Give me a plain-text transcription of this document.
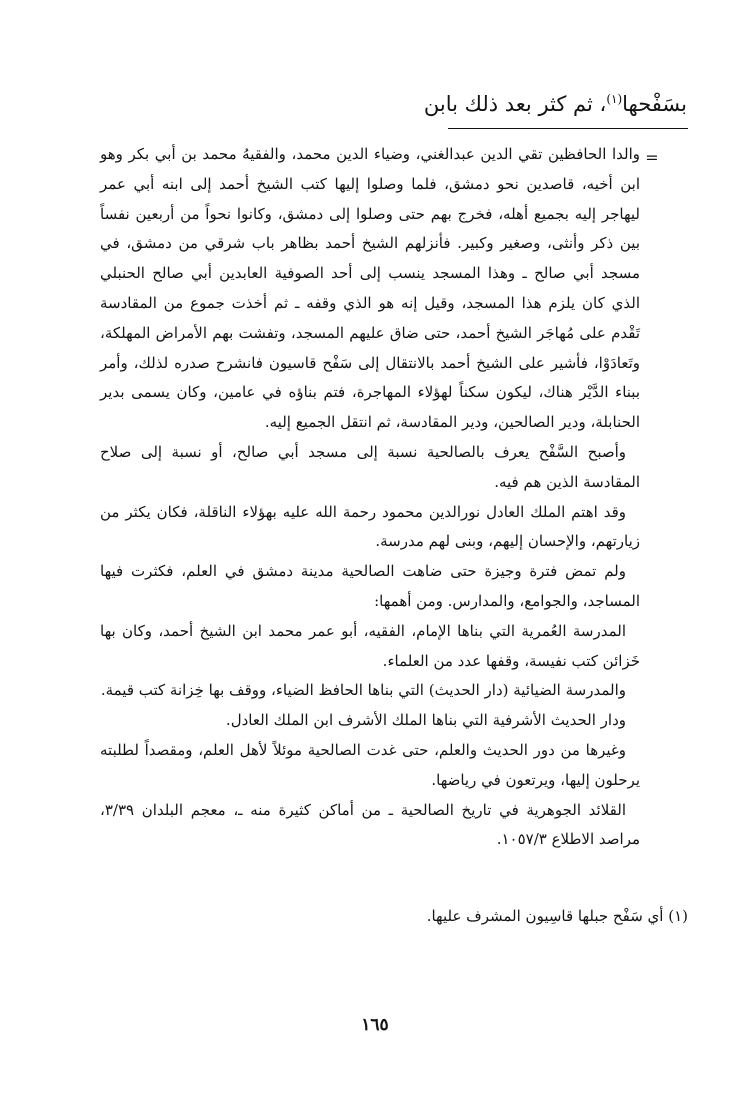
بسَفْحها$^{(١)}$، ثم كثر بعد ذلك بابن
=

والدا الحافظين تقي الدين عبدالغني، وضياء الدين محمد، والفقيهُ محمد بن أبي بكر وهو ابن أخيه، قاصدين نحو دمشق، فلما وصلوا إليها كتب الشيخ أحمد إلى ابنه أبي عمر ليهاجر إليه بجميع أهله، فخرج بهم حتى وصلوا إلى دمشق، وكانوا نحواً من أربعين نفساً بين ذكر وأنثى، وصغير وكبير. فأنزلهم الشيخ أحمد بظاهر باب شرقي من دمشق، في مسجد أبي صالح ـ وهذا المسجد ينسب إلى أحد الصوفية العابدين أبي صالح الحنبلي الذي كان يلزم هذا المسجد، وقيل إنه هو الذي وقفه ـ ثم أخذت جموع من المقادسة تَقْدم على مُهاجَر الشيخ أحمد، حتى ضاق عليهم المسجد، وتفشت بهم الأمراض المهلكة، وتَعادَوْا، فأشير على الشيخ أحمد بالانتقال إلى سَفْح قاسيون فانشرح صدره لذلك، وأمر ببناء الدَّيْر هناك، ليكون سكناً لهؤلاء المهاجرة، فتم بناؤه في عامين، وكان يسمى بدير الحنابلة، ودير الصالحين، ودير المقادسة، ثم انتقل الجميع إليه.

وأصبح السَّفْح يعرف بالصالحية نسبة إلى مسجد أبي صالح، أو نسبة إلى صلاح المقادسة الذين هم فيه.

وقد اهتم الملك العادل نورالدين محمود رحمة الله عليه بهؤلاء الناقلة، فكان يكثر من زيارتهم، والإحسان إليهم، وبنى لهم مدرسة.

ولم تمض فترة وجيزة حتى ضاهت الصالحية مدينة دمشق في العلم، فكثرت فيها المساجد، والجوامع، والمدارس. ومن أهمها:

المدرسة العُمرية التي بناها الإمام، الفقيه، أبو عمر محمد ابن الشيخ أحمد، وكان بها خَزائن كتب نفيسة، وقفها عدد من العلماء.

والمدرسة الضيائية (دار الحديث) التي بناها الحافظ الضياء، ووقف بها خِزانة كتب قيمة.

ودار الحديث الأشرفية التي بناها الملك الأشرف ابن الملك العادل.

وغيرها من دور الحديث والعلم، حتى غدت الصالحية موئلاً لأهل العلم، ومقصداً لطلبته يرحلون إليها، ويرتعون في رياضها.

القلائد الجوهرية في تاريخ الصالحية ـ من أماكن كثيرة منه ـ، معجم البلدان ٣/٣٩، مراصد الاطلاع ١٠٥٧/٣.

(١) أي سَفْح جبلها قاسِيون المشرف عليها.
١٦٥
